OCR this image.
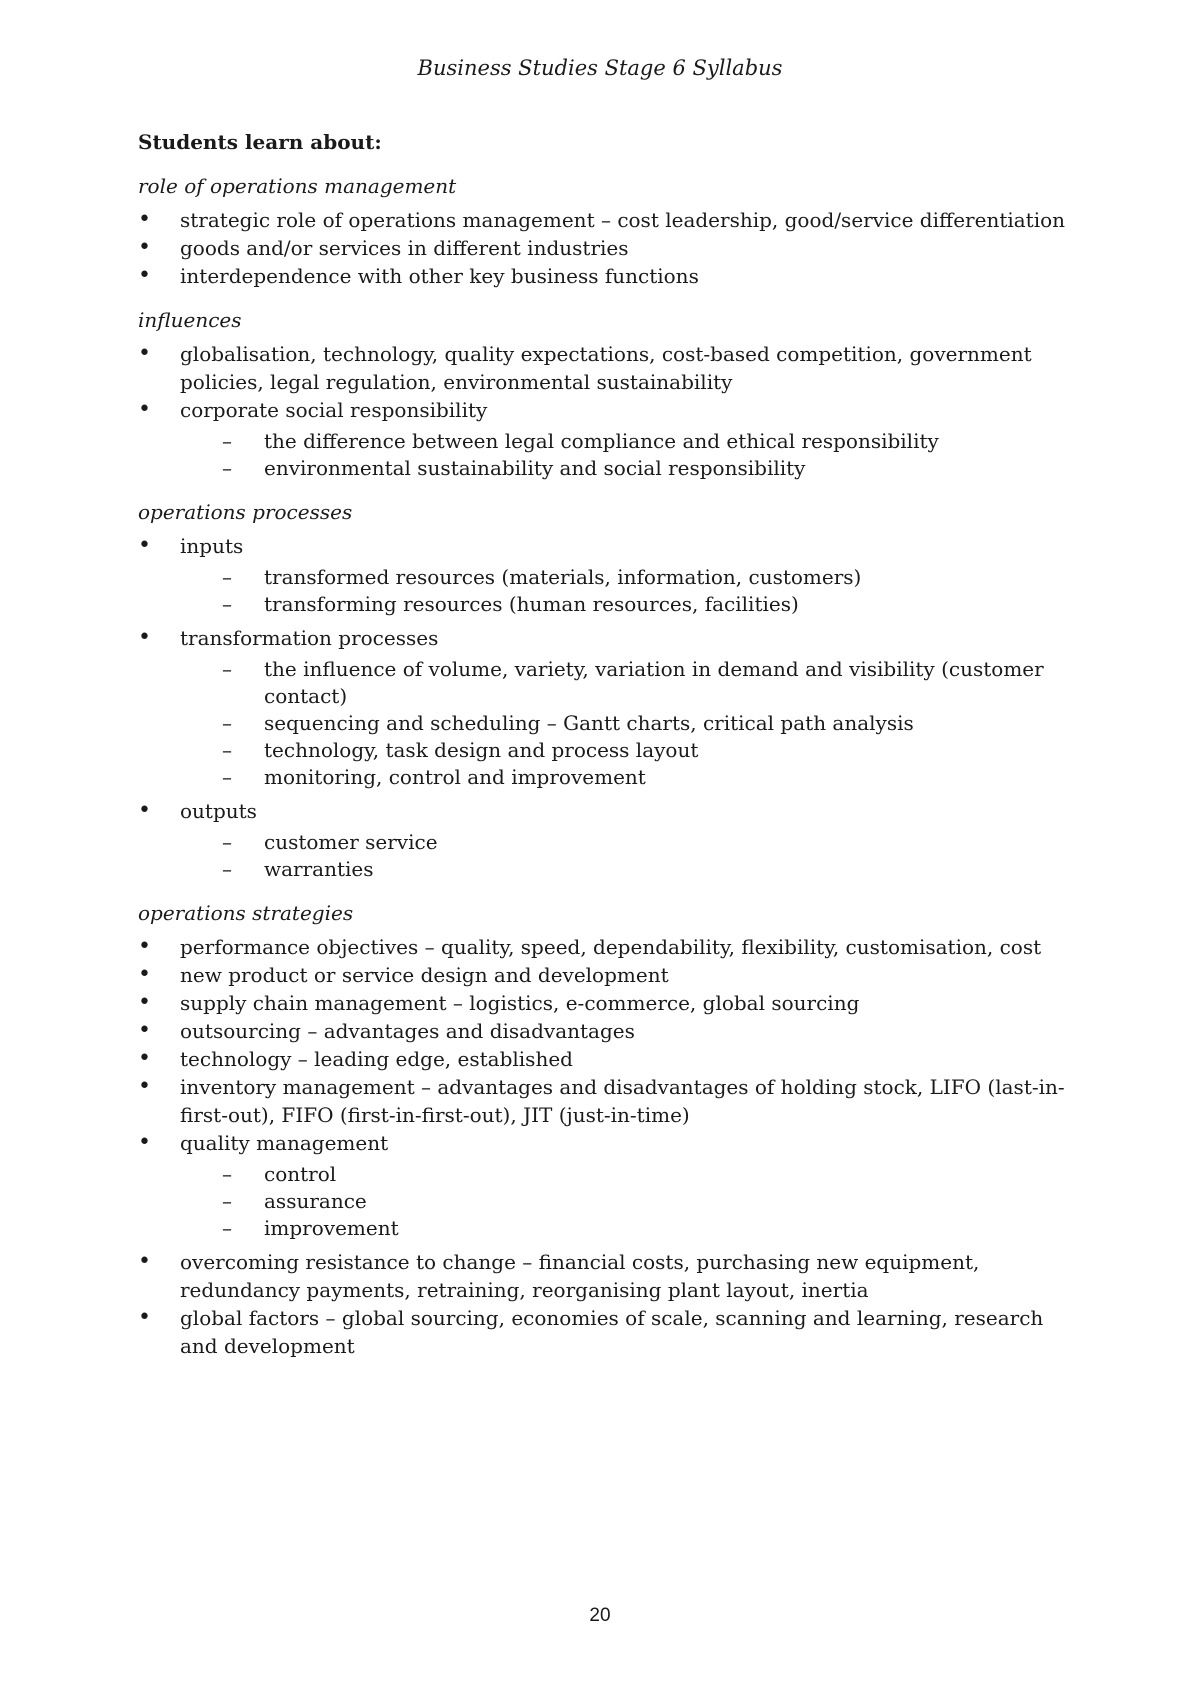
Business Studies Stage 6 Syllabus
Students learn about:
role of operations management
• strategic role of operations management – cost leadership, good/service differentiation
• goods and/or services in different industries
• interdependence with other key business functions
influences
• globalisation, technology, quality expectations, cost-based competition, government policies, legal regulation, environmental sustainability
• corporate social responsibility
– the difference between legal compliance and ethical responsibility
– environmental sustainability and social responsibility
operations processes
• inputs
– transformed resources (materials, information, customers)
– transforming resources (human resources, facilities)
• transformation processes
– the influence of volume, variety, variation in demand and visibility (customer contact)
– sequencing and scheduling – Gantt charts, critical path analysis
– technology, task design and process layout
– monitoring, control and improvement
• outputs
– customer service
– warranties
operations strategies
• performance objectives – quality, speed, dependability, flexibility, customisation, cost
• new product or service design and development
• supply chain management – logistics, e-commerce, global sourcing
• outsourcing – advantages and disadvantages
• technology – leading edge, established
• inventory management – advantages and disadvantages of holding stock, LIFO (last-in-first-out), FIFO (first-in-first-out), JIT (just-in-time)
• quality management
– control
– assurance
– improvement
• overcoming resistance to change – financial costs, purchasing new equipment, redundancy payments, retraining, reorganising plant layout, inertia
• global factors – global sourcing, economies of scale, scanning and learning, research and development
20
